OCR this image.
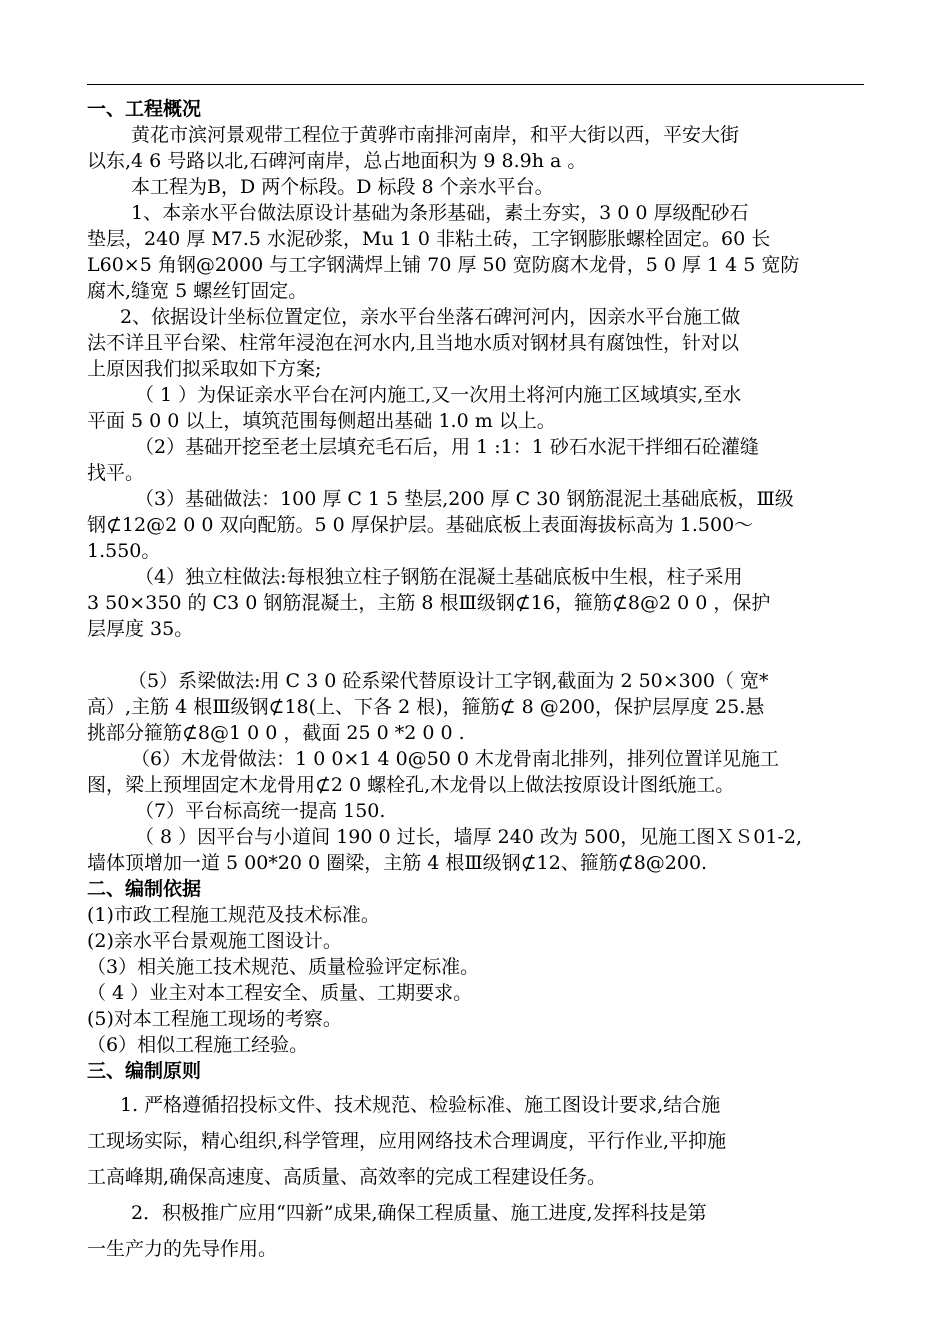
一、工程概况
黄花市滨河景观带工程位于黄骅市南排河南岸，和平大街以西，平安大街
以东,4 6 号路以北,石碑河南岸，总占地面积为 9 8.9h a 。
本工程为B，D 两个标段。D 标段 8 个亲水平台。
1、本亲水平台做法原设计基础为条形基础，素土夯实，3 0 0 厚级配砂石
垫层，240 厚 M7.5 水泥砂浆，Mu 1 0 非粘土砖，工字钢膨胀螺栓固定。60 长
L60×5 角钢@2000 与工字钢满焊上铺 70 厚 50 宽防腐木龙骨，5 0 厚 1 4 5 宽防
腐木,缝宽 5 螺丝钉固定。
2、依据设计坐标位置定位，亲水平台坐落石碑河河内，因亲水平台施工做
法不详且平台梁、柱常年浸泡在河水内,且当地水质对钢材具有腐蚀性，针对以
上原因我们拟采取如下方案;
（ 1 ）为保证亲水平台在河内施工,又一次用土将河内施工区域填实,至水
平面 5 0 0 以上，填筑范围每侧超出基础 1.0 m 以上。
（2）基础开挖至老土层填充毛石后，用 1 :1：1 砂石水泥干拌细石砼灌缝
找平。
（3）基础做法：100 厚 C 1 5 垫层,200 厚 C 30 钢筋混泥土基础底板，Ⅲ级
钢⊄12@2 0 0 双向配筋。5 0 厚保护层。基础底板上表面海拔标高为 1.500～
1.550。
（4）独立柱做法:每根独立柱子钢筋在混凝土基础底板中生根，柱子采用
3 50×350 的 C3 0 钢筋混凝土，主筋 8 根Ⅲ级钢⊄16，箍筋⊄8@2 0 0 ，保护
层厚度 35。
（5）系梁做法:用 C 3 0 砼系梁代替原设计工字钢,截面为 2 50×300（ 宽*
高）,主筋 4 根Ⅲ级钢⊄18(上、下各 2 根)，箍筋⊄ 8 @200，保护层厚度 25.悬
挑部分箍筋⊄8@1 0 0 ，截面 25 0 *2 0 0 .
（6）木龙骨做法：1 0 0×1 4 0@50 0 木龙骨南北排列，排列位置详见施工
图，梁上预埋固定木龙骨用⊄2 0 螺栓孔,木龙骨以上做法按原设计图纸施工。
（7）平台标高统一提高 150.
（ 8 ）因平台与小道间 190 0 过长，墙厚 240 改为 500，见施工图ＸＳ01-2,
墙体顶增加一道 5 00*20 0 圈梁，主筋 4 根Ⅲ级钢⊄12、箍筋⊄8@200.
二、编制依据
(1)市政工程施工规范及技术标准。
(2)亲水平台景观施工图设计。
（3）相关施工技术规范、质量检验评定标准。
（ 4 ）业主对本工程安全、质量、工期要求。
(5)对本工程施工现场的考察。
（6）相似工程施工经验。
三、编制原则
1. 严格遵循招投标文件、技术规范、检验标准、施工图设计要求,结合施
工现场实际，精心组织,科学管理，应用网络技术合理调度，平行作业,平抑施
工高峰期,确保高速度、高质量、高效率的完成工程建设任务。
2．积极推广应用“四新”成果,确保工程质量、施工进度,发挥科技是第
一生产力的先导作用。
